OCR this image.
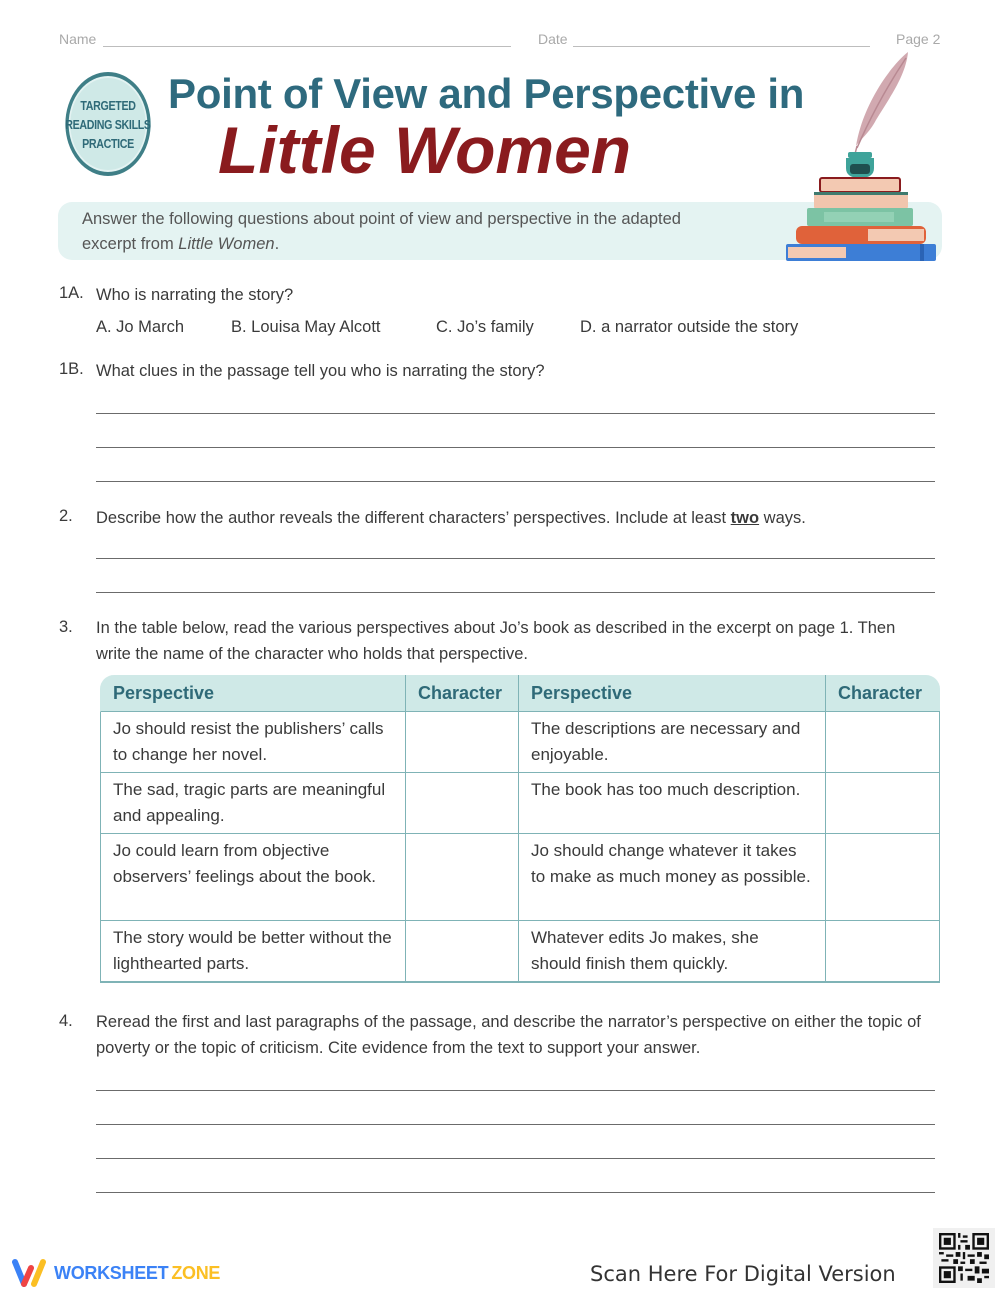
Name	Date	Page 2
TARGETED
READING SKILLS
PRACTICE
Point of View and Perspective in
Little Women
Answer the following questions about point of view and perspective in the adapted excerpt from Little Women.
1A. Who is narrating the story?
A. Jo March	B. Louisa May Alcott	C. Jo’s family	D. a narrator outside the story
1B. What clues in the passage tell you who is narrating the story?
2. Describe how the author reveals the different characters’ perspectives. Include at least two ways.
3. In the table below, read the various perspectives about Jo’s book as described in the excerpt on page 1. Then write the name of the character who holds that perspective.
Perspective	Character	Perspective	Character
Jo should resist the publishers’ calls to change her novel.		The descriptions are necessary and enjoyable.	
The sad, tragic parts are meaningful and appealing.		The book has too much description.	
Jo could learn from objective observers’ feelings about the book.		Jo should change whatever it takes to make as much money as possible.	
The story would be better without the lighthearted parts.		Whatever edits Jo makes, she should finish them quickly.	
4. Reread the first and last paragraphs of the passage, and describe the narrator’s perspective on either the topic of poverty or the topic of criticism. Cite evidence from the text to support your answer.
WORKSHEET ZONE	Scan Here For Digital Version
